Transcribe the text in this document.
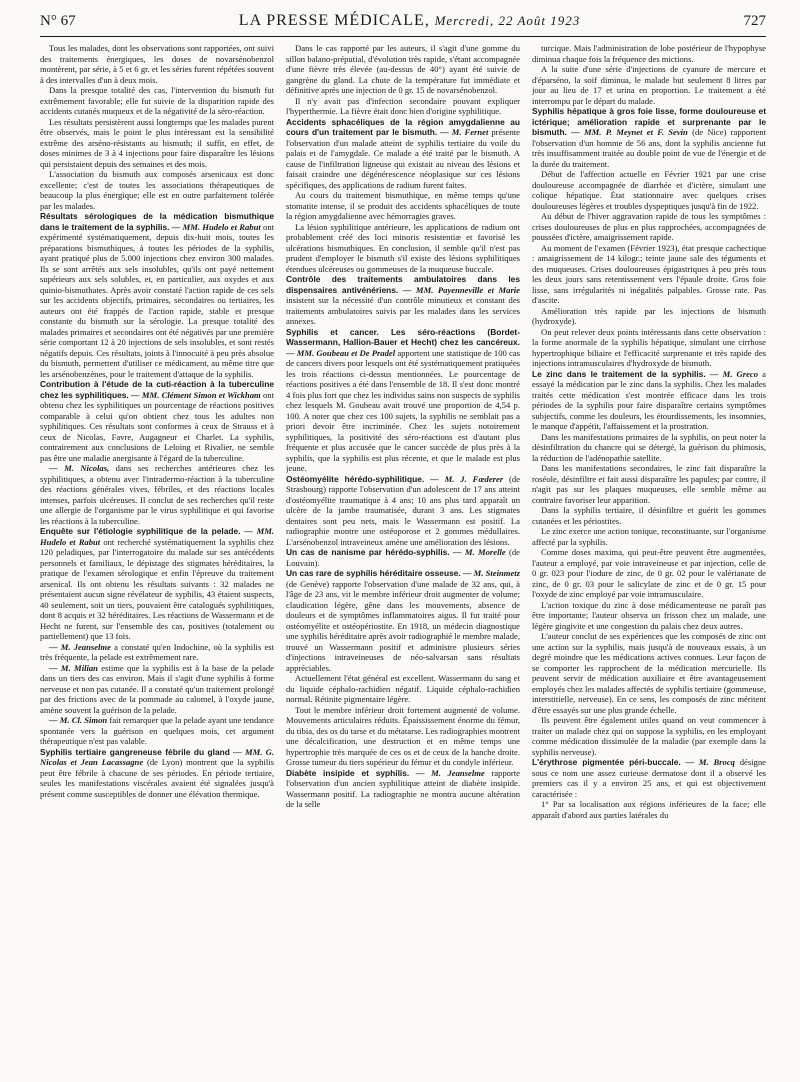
N° 67	LA PRESSE MÉDICALE, Mercredi, 22 Août 1923	727

Tous les malades, dont les observations sont rapportées, ont suivi des traitements énergiques, les doses de novarsénobenzol montèrent, par série, à 5 et 6 gr. et les séries furent répétées souvent à des intervalles d'un à deux mois.

Dans la presque totalité des cas, l'intervention du bismuth fut extrêmement favorable; elle fut suivie de la disparition rapide des accidents cutanés muqueux et de la négativité de la séro-réaction.

Les résultats persistèrent aussi longtemps que les malades purent être observés, mais le point le plus intéressant est la sensibilité extrême des arséno-résistants au bismuth; il suffit, en effet, de doses minimes de 3 à 4 injections pour faire disparaître les lésions qui persistaient depuis des semaines et des mois.

L'association du bismuth aux composés arsenicaux est donc excellente; c'est de toutes les associations thérapeutiques de beaucoup la plus énergique; elle est en outre parfaitement tolérée par les malades.

Résultats sérologiques de la médication bismuthique dans le traitement de la syphilis. — MM. Hudelo et Rabut ont expérimenté systématiquement, depuis dix-huit mois, toutes les préparations bismuthiques, à toutes les périodes de la syphilis, ayant pratiqué plus de 5.000 injections chez environ 300 malades. Ils se sont arrêtés aux sels insolubles, qu'ils ont payé nettement supérieurs aux sels solubles, et, en particulier, aux oxydes et aux quinio-bismuthates. Après avoir constaté l'action rapide de ces sels sur les accidents objectifs, primaires, secondaires ou tertiaires, les auteurs ont été frappés de l'action rapide, stable et presque constante du bismuth sur la sérologie. La presque totalité des malades primaires et secondaires ont été négativés par une première série comportant 12 à 20 injections de sels insolubles, et sont restés négatifs depuis. Ces résultats, joints à l'innocuité à peu près absolue du bismuth, permettent d'utiliser ce médicament, au même titre que les arsénobenzènes, pour le traitement d'attaque de la syphilis.

Contribution à l'étude de la cuti-réaction à la tuberculine chez les syphilitiques. — MM. Clément Simon et Wickham ont obtenu chez les syphilitiques un pourcentage de réactions positives comparable à celui qu'on obtient chez tous les adultes non syphilitiques. Ces résultats sont conformes à ceux de Strauss et à ceux de Nicolas, Favre, Augagneur et Charlet. La syphilis, contrairement aux conclusions de Leloing et Rivalier, ne semble pas être une maladie anergisante à l'égard de la tuberculine.

— M. Nicolas, dans ses recherches antérieures chez les syphilitiques, a obtenu avec l'intradermo-réaction à la tuberculine des réactions générales vives, fébriles, et des réactions locales intenses, parfois ulcéreuses. Il conclut de ses recherches qu'il reste une allergie de l'organisme par le virus syphilitique et qui favorise les réactions à la tuberculine.

Enquête sur l'étiologie syphilitique de la pelade. — MM. Hudelo et Rabut ont recherché systématiquement la syphilis chez 120 peladiques, par l'interrogatoire du malade sur ses antécédents personnels et familiaux, le dépistage des stigmates héréditaires, la pratique de l'examen sérologique et enfin l'épreuve du traitement arsenical. Ils ont obtenu les résultats suivants : 32 malades ne présentaient aucun signe révélateur de syphilis, 43 étaient suspects, 40 seulement, soit un tiers, pouvaient être catalogués syphilitiques, dont 8 acquis et 32 héréditaires. Les réactions de Wassermann et de Hecht ne furent, sur l'ensemble des cas, positives (totalement ou partiellement) que 13 fois.

— M. Jeanselme a constaté qu'en Indochine, où la syphilis est très fréquente, la pelade est extrêmement rare.

— M. Milian estime que la syphilis est à la base de la pelade dans un tiers des cas environ. Mais il s'agit d'une syphilis à forme nerveuse et non pas cutanée. Il a constaté qu'un traitement prolongé par des frictions avec de la pommade au calomel, à l'oxyde jaune, amène souvent la guérison de la pelade.

— M. Cl. Simon fait remarquer que la pelade ayant une tendance spontanée vers la guérison en quelques mois, cet argument thérapeutique n'est pas valable.

Syphilis tertiaire gangreneuse fébrile du gland — MM. G. Nicolas et Jean Lacassagne (de Lyon) montrent que la syphilis peut être fébrile à chacune de ses périodes. En période tertiaire, seules les manifestations viscérales avaient été signalées jusqu'à présent comme susceptibles de donner une élévation thermique.

Dans le cas rapporté par les auteurs, il s'agit d'une gomme du sillon balano-préputial, d'évolution très rapide, s'étant accompagnée d'une fièvre très élevée (au-dessus de 40°) ayant été suivie de gangrène du gland. La chute de la température fut immédiate et définitive après une injection de 0 gr. 15 de novarsénobenzol.

Il n'y avait pas d'infection secondaire pouvant expliquer l'hyperthermie. La fièvre était donc bien d'origine syphilitique.

Accidents sphacéliques de la région amygdalienne au cours d'un traitement par le bismuth. — M. Fernet présente l'observation d'un malade atteint de syphilis tertiaire du voile du palais et de l'amygdale. Ce malade a été traité par le bismuth. A cause de l'infiltration ligneuse qui existait au niveau des lésions et faisait craindre une dégénérescence néoplasique sur ces lésions spécifiques, des applications de radium furent faites.

Au cours du traitement bismuthique, en même temps qu'une stomatite intense, il se produit des accidents sphacéliques de toute la région amygdalienne avec hémorragies graves.

La lésion syphilitique antérieure, les applications de radium ont probablement créé des loci minoris resistentiæ et favorisé les ulcérations bismuthiques. En conclusion, il semble qu'il n'est pas prudent d'employer le bismuth s'il existe des lésions syphilitiques étendues ulcéreuses ou gommeuses de la muqueuse buccale.

Contrôle des traitements ambulatoires dans les dispensaires antivénériens. — MM. Payenneville et Marie insistent sur la nécessité d'un contrôle minutieux et constant des traitements ambulatoires suivis par les malades dans les services annexes.

Syphilis et cancer. Les séro-réactions (Bordet-Wassermann, Hallion-Bauer et Hecht) chez les cancéreux. — MM. Goubeau et De Pradel apportent une statistique de 100 cas de cancers divers pour lesquels ont été systématiquement pratiquées les trois réactions ci-dessus mentionnées. Le pourcentage de réactions positives a été dans l'ensemble de 18. Il s'est donc montré 4 fois plus fort que chez les individus sains non suspects de syphilis chez lesquels M. Goubeau avait trouvé une proportion de 4,54 p. 100. A noter que chez ces 100 sujets, la syphilis ne semblait pas a priori devoir être incriminée. Chez les sujets notoirement syphilitiques, la positivité des séro-réactions est d'autant plus fréquente et plus accusée que le cancer succède de plus près à la syphilis, que la syphilis est plus récente, et que le malade est plus jeune.

Ostéomyélite hérédo-syphilitique. — M. J. Fœderer (de Strasbourg) rapporte l'observation d'un adolescent de 17 ans atteint d'ostéomyélite traumatique à 4 ans; 10 ans plus tard apparaît un ulcère de la jambe traumatisée, durant 3 ans. Les stigmates dentaires sont peu nets, mais le Wassermann est positif. La radiographie montre une ostéoporose et 2 gommes médullaires. L'arsénobenzol intraveineux amène une amélioration des lésions.

Un cas de nanisme par hérédo-syphilis. — M. Morelle (de Louvain).

Un cas rare de syphilis héréditaire osseuse. — M. Steinmetz (de Genève) rapporte l'observation d'une malade de 32 ans, qui, à l'âge de 23 ans, vit le membre inférieur droit augmenter de volume; claudication légère, gêne dans les mouvements, absence de douleurs et de symptômes inflammatoires aigus. Il fut traité pour ostéomyélite et ostéopériostite. En 1918, un médecin diagnostique une syphilis héréditaire après avoir radiographié le membre malade, trouvé un Wassermann positif et administre plusieurs séries d'injections intraveineuses de néo-salvarsan sans résultats appréciables.

Actuellement l'état général est excellent. Wassermann du sang et du liquide céphalo-rachidien négatif. Liquide céphalo-rachidien normal. Rétinite pigmentaire légère.

Tout le membre inférieur droit fortement augmenté de volume. Mouvements articulaires réduits. Épaississement énorme du fémur, du tibia, des os du tarse et du métatarse. Les radiographies montrent une décalcification, une destruction et en même temps une hypertrophie très marquée de ces os et de ceux de la hanche droite. Grosse tumeur du tiers supérieur du fémur et du condyle inférieur.

Diabète insipide et syphilis. — M. Jeanselme rapporte l'observation d'un ancien syphilitique atteint de diabète insipide. Wassermann positif. La radiographie ne montra aucune altération de la selle

turcique. Mais l'administration de lobe postérieur de l'hypophyse diminua chaque fois la fréquence des mictions.

A la suite d'une série d'injections de cyanure de mercure et d'éparséno, la soif diminua, le malade but seulement 8 litres par jour au lieu de 17 et urina en proportion. Le traitement a été interrompu par le départ du malade.

Syphilis hépatique à gros foie lisse, forme douloureuse et ictérique; amélioration rapide et surprenante par le bismuth. — MM. P. Meynet et F. Sevin (de Nice) rapportent l'observation d'un homme de 56 ans, dont la syphilis ancienne fut très insuffisamment traitée au double point de vue de l'énergie et de la durée du traitement.

Début de l'affection actuelle en Février 1921 par une crise douloureuse accompagnée de diarrhée et d'ictère, simulant une colique hépatique. État stationnaire avec quelques crises douloureuses légères et troubles dyspeptiques jusqu'à fin de 1922.

Au début de l'hiver aggravation rapide de tous les symptômes : crises douloureuses de plus en plus rapprochées, accompagnées de poussées d'ictère, amaigrissement rapide.

Au moment de l'examen (Février 1923), état presque cachectique : amaigrissement de 14 kilogr.; teinte jaune sale des téguments et des muqueuses. Crises douloureuses épigastriques à peu près tous les deux jours sans retentissement vers l'épaule droite. Gros foie lisse, sans irrégularités ni inégalités palpables. Grosse rate. Pas d'ascite.

Amélioration très rapide par les injections de bismuth (hydroxyde).

On peut relever deux points intéressants dans cette observation : la forme anormale de la syphilis hépatique, simulant une cirrhose hypertrophique biliaire et l'efficacité surprenante et très rapide des injections intramusculaires d'hydroxyde de bismuth.

Le zinc dans le traitement de la syphilis. — M. Greco a essayé la médication par le zinc dans la syphilis. Chez les malades traités cette médication s'est montrée efficace dans les trois périodes de la syphilis pour faire disparaître certains symptômes subjectifs, comme les douleurs, les étourdissements, les insomnies, le manque d'appétit, l'affaissement et la prostration.

Dans les manifestations primaires de la syphilis, on peut noter la désinfiltration du chancre qui se détergé, la guérison du phimosis, la réduction de l'adénopathie satellite.

Dans les manifestations secondaires, le zinc fait disparaître la roséole, désinfiltre et fait aussi disparaître les papules; par contre, il n'agit pas sur les plaques muqueuses, elle semble même au contraire favoriser leur apparition.

Dans la syphilis tertiaire, il désinfiltre et guérit les gommes cutanées et les périostites.

Le zinc exerce une action tonique, reconstituante, sur l'organisme affecté par la syphilis.

Comme doses maxima, qui peut-être peuvent être augmentées, l'auteur a employé, par voie intraveineuse et par injection, celle de 0 gr. 023 pour l'iodure de zinc, de 0 gr. 02 pour le valérianate de zinc, de 0 gr. 03 pour le salicylate de zinc et de 0 gr. 15 pour l'oxyde de zinc employé par voie intramusculaire.

L'action toxique du zinc à dose médicamenteuse ne paraît pas être importante; l'auteur observa un frisson chez un malade, une légère gingivite et une congestion du palais chez deux autres.

L'auteur conclut de ses expériences que les composés de zinc ont une action sur la syphilis, mais jusqu'à de nouveaux essais, à un degré moindre que les médications actives connues. Leur façon de se comporter les rapprochent de la médication mercurielle. Ils peuvent servir de médication auxiliaire et être avantageusement employés chez les malades affectés de syphilis tertiaire (gommeuse, interstitielle, nerveuse). En ce sens, les composés de zinc méritent d'être essayés sur une plus grande échelle.

Ils peuvent être également utiles quand on veut commencer à traiter un malade chez qui on suppose la syphilis, en les employant comme médication dissimulée de la maladie (par exemple dans la syphilis nerveuse).

L'érythrose pigmentée péri-buccale. — M. Brocq désigne sous ce nom une assez curieuse dermatose dont il a observé les premiers cas il y a environ 25 ans, et qui est objectivement caractérisée :

1° Par sa localisation aux régions inférieures de la face; elle apparaît d'abord aux parties latérales du
